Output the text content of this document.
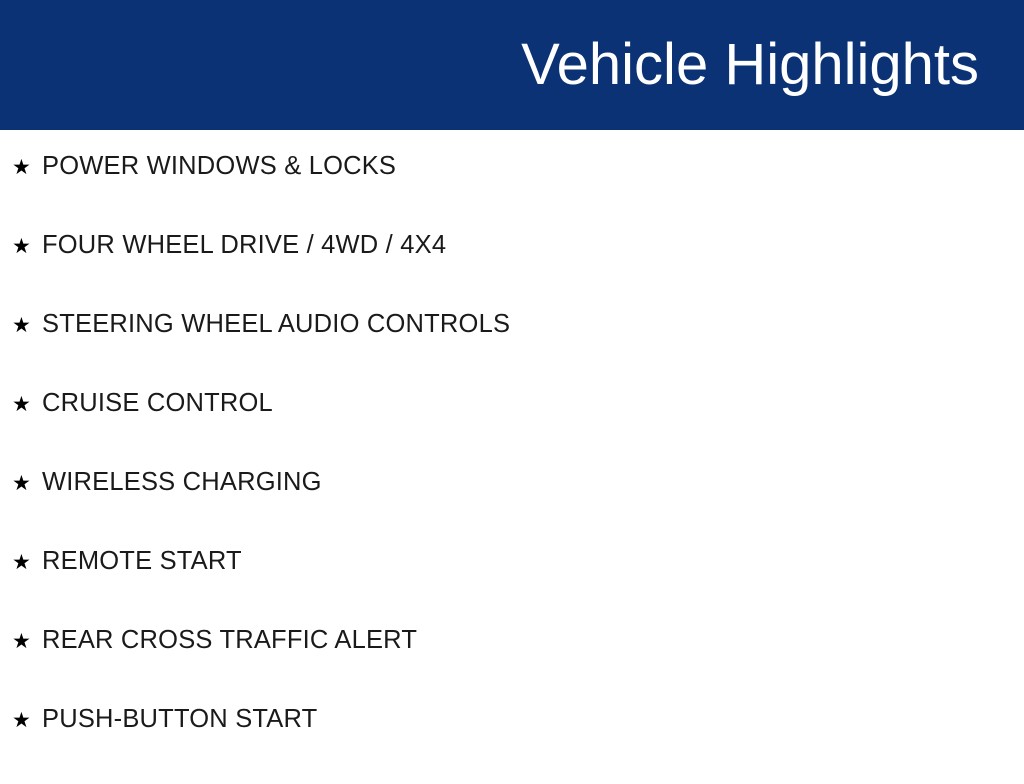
Vehicle Highlights
★ POWER WINDOWS & LOCKS
★ FOUR WHEEL DRIVE / 4WD / 4X4
★ STEERING WHEEL AUDIO CONTROLS
★ CRUISE CONTROL
★ WIRELESS CHARGING
★ REMOTE START
★ REAR CROSS TRAFFIC ALERT
★ PUSH-BUTTON START
